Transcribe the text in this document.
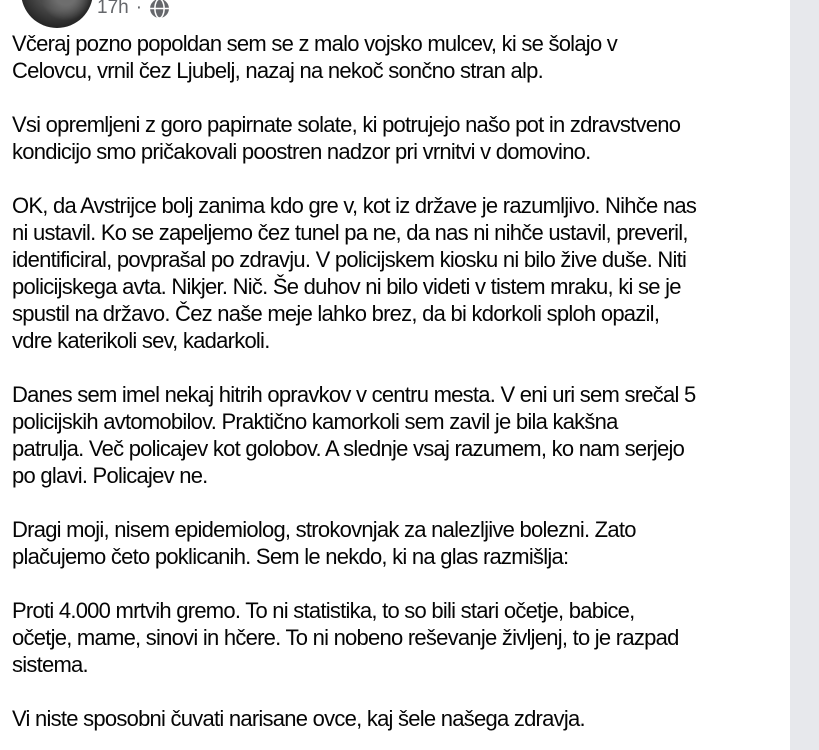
17h ·

Včeraj pozno popoldan sem se z malo vojsko mulcev, ki se šolajo v
Celovcu, vrnil čez Ljubelj, nazaj na nekoč sončno stran alp.

Vsi opremljeni z goro papirnate solate, ki potrujejo našo pot in zdravstveno
kondicijo smo pričakovali poostren nadzor pri vrnitvi v domovino.

OK, da Avstrijce bolj zanima kdo gre v, kot iz države je razumljivo. Nihče nas
ni ustavil. Ko se zapeljemo čez tunel pa ne, da nas ni nihče ustavil, preveril,
identificiral, povprašal po zdravju. V policijskem kiosku ni bilo žive duše. Niti
policijskega avta. Nikjer. Nič. Še duhov ni bilo videti v tistem mraku, ki se je
spustil na državo. Čez naše meje lahko brez, da bi kdorkoli sploh opazil,
vdre katerikoli sev, kadarkoli.

Danes sem imel nekaj hitrih opravkov v centru mesta. V eni uri sem srečal 5
policijskih avtomobilov. Praktično kamorkoli sem zavil je bila kakšna
patrulja. Več policajev kot golobov. A slednje vsaj razumem, ko nam serjejo
po glavi. Policajev ne.

Dragi moji, nisem epidemiolog, strokovnjak za nalezljive bolezni. Zato
plačujemo četo poklicanih. Sem le nekdo, ki na glas razmišlja:

Proti 4.000 mrtvih gremo. To ni statistika, to so bili stari očetje, babice,
očetje, mame, sinovi in hčere. To ni nobeno reševanje življenj, to je razpad
sistema.

Vi niste sposobni čuvati narisane ovce, kaj šele našega zdravja.
